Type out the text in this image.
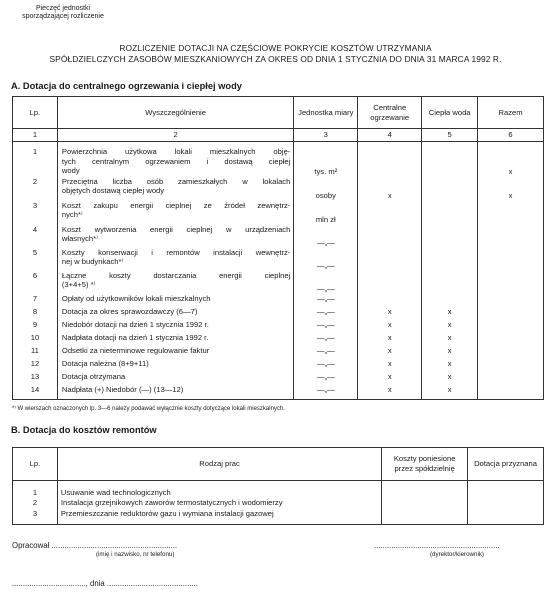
Pieczęć jednostki
sporządzającej rozliczenie
ROZLICZENIE DOTACJI NA CZĘŚCIOWE POKRYCIE KOSZTÓW UTRZYMANIA
SPÓŁDZIELCZYCH ZASOBÓW MIESZKANIOWYCH ZA OKRES OD DNIA 1 STYCZNIA DO DNIA 31 MARCA 1992 R.
A. Dotacja do centralnego ogrzewania i ciepłej wody
Lp.	Wyszczególnienie	Jednostka miary	Centralne ogrzewanie	Ciepła woda	Razem
1	2	3	4	5	6
1	Powierzchnia użytkowa lokali mieszkalnych obję-
tych centralnym ogrzewaniem i dostawą ciepłej
wody	tys. m²			x
2	Przeciętna liczba osób zamieszkałych w lokalach
objętych dostawą ciepłej wody	osoby	x		x
3	Koszt zakupu energii cieplnej ze źródeł zewnętrz-
nych*⁾	mln zł			
4	Koszt wytworzenia energii cieplnej w urządzeniach
własnych*⁾	—„—			
5	Koszty konserwacji i remontów instalacji wewnętrz-
nej w budynkach*⁾	—„—			
6	Łączne koszty dostarczania energii cieplnej
(3+4+5) *⁾	—„—			
7	Opłaty od użytkowników lokali mieszkalnych	—„—			
8	Dotacja za okres sprawozdawczy (6—7)	—„—	x	x	
9	Niedobór dotacji na dzień 1 stycznia 1992 r.	—„—	x	x	
10	Nadpłata dotacji na dzień 1 stycznia 1992 r.	—„—	x	x	
11	Odsetki za nieterminowe regulowanie faktur	—„—	x	x	
12	Dotacja należna (8+9+11)	—„—	x	x	
13	Dotacja otrzymana	—„—	x	x	
14	Nadpłata (+) Niedobór (—) (13—12)	—„—	x	x	
*⁾ W wierszach oznaczonych lp. 3—6 należy podawać wyłącznie koszty dotyczące lokali mieszkalnych.
B. Dotacja do kosztów remontów
Lp.	Rodzaj prac	Koszty poniesione przez spółdzielnię	Dotacja przyznana
1	Usuwanie wad technologicznych		
2	Instalacja grzejnikowych zaworów termostatycznych i wodomierzy		
3	Przemieszczanie reduktorów gazu i wymiana instalacji gazowej		
Opracował ..........................................................
(imię i nazwisko, nr telefonu)
..........................................................
(dyrektor/kierownik)
.................................., dnia ..........................................
